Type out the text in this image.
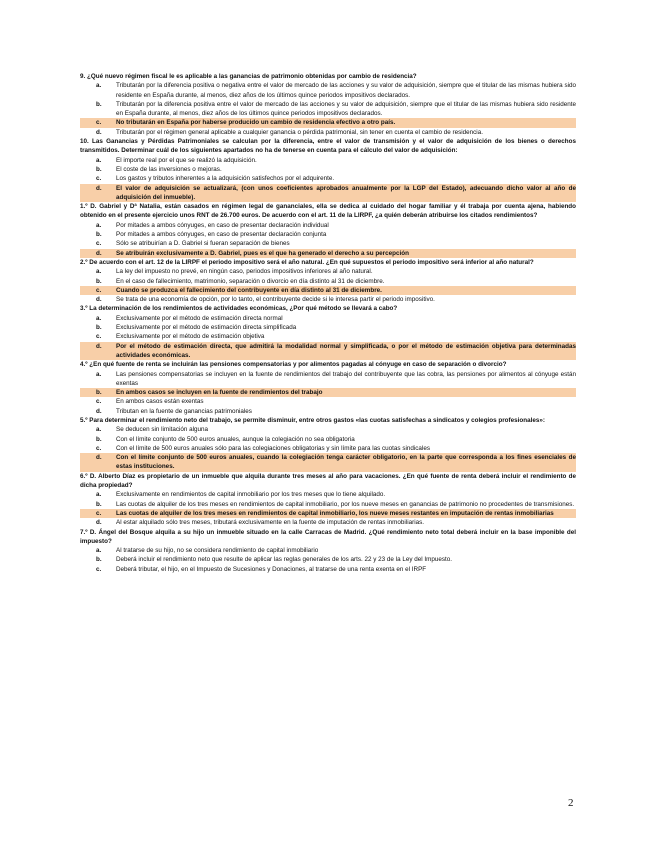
9. ¿Qué nuevo régimen fiscal le es aplicable a las ganancias de patrimonio obtenidas por cambio de residencia?

a.	Tributarán por la diferencia positiva o negativa entre el valor de mercado de las acciones y su valor de adquisición, siempre que el titular de las mismas hubiera sido residente en España durante, al menos, diez años de los últimos quince periodos impositivos declarados.
b.	Tributarán por la diferencia positiva entre el valor de mercado de las acciones y su valor de adquisición, siempre que el titular de las mismas hubiera sido residente en España durante, al menos, diez años de los últimos quince periodos impositivos declarados.
c.	No tributarán en España por haberse producido un cambio de residencia efectivo a otro país.
d.	Tributarán por el régimen general aplicable a cualquier ganancia o pérdida patrimonial, sin tener en cuenta el cambio de residencia.

10. Las Ganancias y Pérdidas Patrimoniales se calculan por la diferencia, entre el valor de transmisión y el valor de adquisición de los bienes o derechos transmitidos. Determinar cuál de los siguientes apartados no ha de tenerse en cuenta para el cálculo del valor de adquisición:

a.	El importe real por el que se realizó la adquisición.
b.	El coste de las inversiones o mejoras.
c.	Los gastos y tributos inherentes a la adquisición satisfechos por el adquirente.
d.	El valor de adquisición se actualizará, (con unos coeficientes aprobados anualmente por la LGP del Estado), adecuando dicho valor al año de adquisición del inmueble).

1.º D. Gabriel y Dª Natalia, están casados en régimen legal de gananciales, ella se dedica al cuidado del hogar familiar y él trabaja por cuenta ajena, habiendo obtenido en el presente ejercicio unos RNT de 26.700 euros. De acuerdo con el art. 11 de la LIRPF, ¿a quién deberán atribuirse los citados rendimientos?

a.	Por mitades a ambos cónyuges, en caso de presentar declaración individual
b.	Por mitades a ambos cónyuges, en caso de presentar declaración conjunta
c.	Sólo se atribuirían a D. Gabriel si fueran separación de bienes
d.	Se atribuirán exclusivamente a D. Gabriel, pues es el que ha generado el derecho a su percepción

2.º De acuerdo con el art. 12 de la LIRPF el periodo impositivo será el año natural. ¿En qué supuestos el periodo impositivo será inferior al año natural?

a.	La ley del impuesto no prevé, en ningún caso, periodos impositivos inferiores al año natural.
b.	En el caso de fallecimiento, matrimonio, separación o divorcio en día distinto al 31 de diciembre.
c.	Cuando se produzca el fallecimiento del contribuyente en día distinto al 31 de diciembre.
d.	Se trata de una economía de opción, por lo tanto, el contribuyente decide si le interesa partir el periodo impositivo.

3.º La determinación de los rendimientos de actividades económicas, ¿Por qué método se llevará a cabo?

a.	Exclusivamente por el método de estimación directa normal
b.	Exclusivamente por el método de estimación directa simplificada
c.	Exclusivamente por el método de estimación objetiva
d.	Por el método de estimación directa, que admitirá la modalidad normal y simplificada, o por el método de estimación objetiva para determinadas actividades económicas.

4.º ¿En qué fuente de renta se incluirán las pensiones compensatorias y por alimentos pagadas al cónyuge en caso de separación o divorcio?

a.	Las pensiones compensatorias se incluyen en la fuente de rendimientos del trabajo del contribuyente que las cobra, las pensiones por alimentos al cónyuge están exentas
b.	En ambos casos se incluyen en la fuente de rendimientos del trabajo
c.	En ambos casos están exentas
d.	Tributan en la fuente de ganancias patrimoniales

5.º Para determinar el rendimiento neto del trabajo, se permite disminuir, entre otros gastos «las cuotas satisfechas a sindicatos y colegios profesionales»:

a.	Se deducen sin limitación alguna
b.	Con el límite conjunto de 500 euros anuales, aunque la colegiación no sea obligatoria
c.	Con el límite de 500 euros anuales sólo para las colegiaciones obligatorias y sin límite para las cuotas sindicales
d.	Con el límite conjunto de 500 euros anuales, cuando la colegiación tenga carácter obligatorio, en la parte que corresponda a los fines esenciales de estas instituciones.

6.º D. Alberto Díaz es propietario de un inmueble que alquila durante tres meses al año para vacaciones. ¿En qué fuente de renta deberá incluir el rendimiento de dicha propiedad?

a.	Exclusivamente en rendimientos de capital inmobiliario por los tres meses que lo tiene alquilado.
b.	Las cuotas de alquiler de los tres meses en rendimientos de capital inmobiliario, por los nueve meses en ganancias de patrimonio no procedentes de transmisiones.
c.	Las cuotas de alquiler de los tres meses en rendimientos de capital inmobiliario, los nueve meses restantes en imputación de rentas inmobiliarias
d.	Al estar alquilado sólo tres meses, tributará exclusivamente en la fuente de imputación de rentas inmobiliarias.

7.º D. Ángel del Bosque alquila a su hijo un inmueble situado en la calle Carracas de Madrid. ¿Qué rendimiento neto total deberá incluir en la base imponible del impuesto?

a.	Al tratarse de su hijo, no se considera rendimiento de capital inmobiliario
b.	Deberá incluir el rendimiento neto que resulte de aplicar las reglas generales de los arts. 22 y 23 de la Ley del Impuesto.
c.	Deberá tributar, el hijo, en el Impuesto de Sucesiones y Donaciones, al tratarse de una renta exenta en el IRPF
2
